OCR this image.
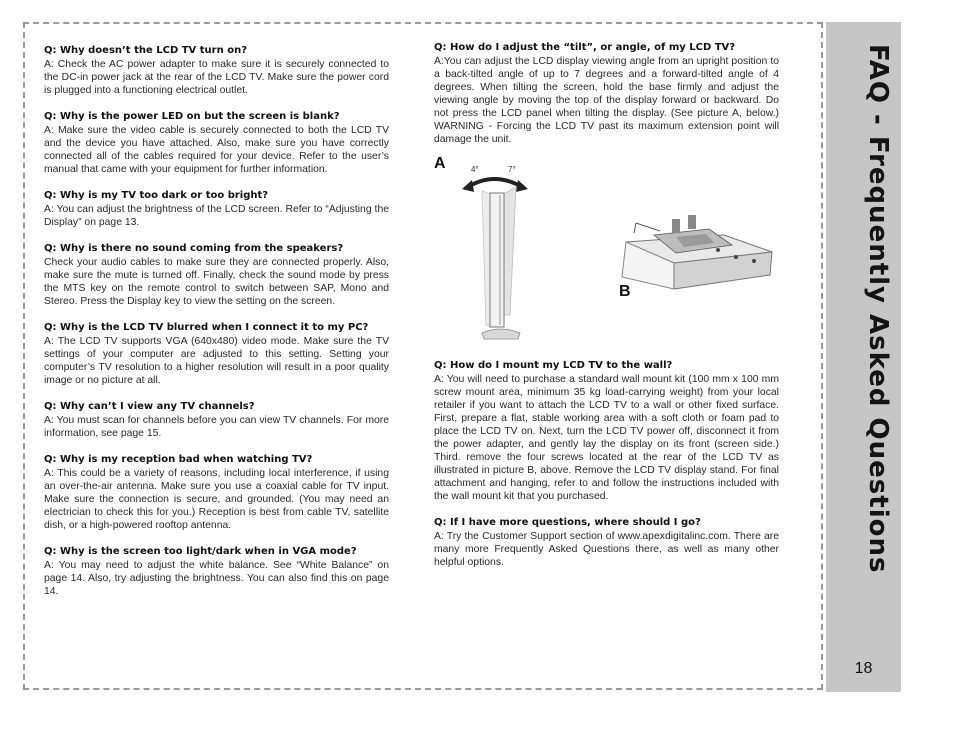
FAQ - Frequently Asked Questions
18
Q: Why doesn’t the LCD TV turn on?
A: Check the AC power adapter to make sure it is securely connected to the DC-in power jack at the rear of the LCD TV. Make sure the power cord is plugged into a functioning electrical outlet.
Q: Why is the power LED on but the screen is blank?
A: Make sure the video cable is securely connected to both the LCD TV and the device you have attached. Also, make sure you have correctly connected all of the cables required for your device. Refer to the user’s manual that came with your equipment for further information.
Q: Why is my TV too dark or too bright?
A: You can adjust the brightness of the LCD screen. Refer to “Adjusting the Display” on page 13.
Q: Why is there no sound coming from the speakers?
Check your audio cables to make sure they are connected properly. Also, make sure the mute is turned off. Finally, check the sound mode by press the MTS key on the remote control to switch between SAP, Mono and Stereo. Press the Display key to view the setting on the screen.
Q: Why is the LCD TV blurred when I connect it to my PC?
A: The LCD TV supports VGA (640x480) video mode. Make sure the TV settings of your computer are adjusted to this setting. Setting your computer’s TV resolution to a higher resolution will result in a poor quality image or no picture at all.
Q: Why can’t I view any TV channels?
A: You must scan for channels before you can view TV channels. For more information, see page 15.
Q: Why is my reception bad when watching TV?
A: This could be a variety of reasons, including local interference, if using an over-the-air antenna. Make sure you use a coaxial cable for TV input. Make sure the connection is secure, and grounded. (You may need an electrician to check this for you.) Reception is best from cable TV, satellite dish, or a high-powered rooftop antenna.
Q: Why is the screen too light/dark when in VGA mode?
A: You may need to adjust the white balance. See “White Balance” on page 14. Also, try adjusting the brightness. You can also find this on page 14.
Q: How do I adjust the “tilt”, or angle, of my LCD TV?
A:You can adjust the LCD display viewing angle from an upright position to a back-tilted angle of up to 7 degrees and a forward-tilted angle of 4 degrees. When tilting the screen, hold the base firmly and adjust the viewing angle by moving the top of the display forward or backward. Do not press the LCD panel when tilting the display. (See picture A, below.) WARNING - Forcing the LCD TV past its maximum extension point will damage the unit.
A	4°	7°
B
Q: How do I mount my LCD TV to the wall?
A: You will need to purchase a standard wall mount kit (100 mm x 100 mm screw mount area, minimum 35 kg load-carrying weight) from your local retailer if you want to attach the LCD TV to a wall or other fixed surface. First, prepare a flat, stable working area with a soft cloth or foam pad to place the LCD TV on. Next, turn the LCD TV power off, disconnect it from the power adapter, and gently lay the display on its front (screen side.) Third. remove the four screws located at the rear of the LCD TV as illustrated in picture B, above. Remove the LCD TV display stand. For final attachment and hanging, refer to and follow the instructions included with the wall mount kit that you purchased.
Q: If I have more questions, where should I go?
A: Try the Customer Support section of www.apexdigitalinc.com. There are many more Frequently Asked Questions there, as well as many other helpful options.
